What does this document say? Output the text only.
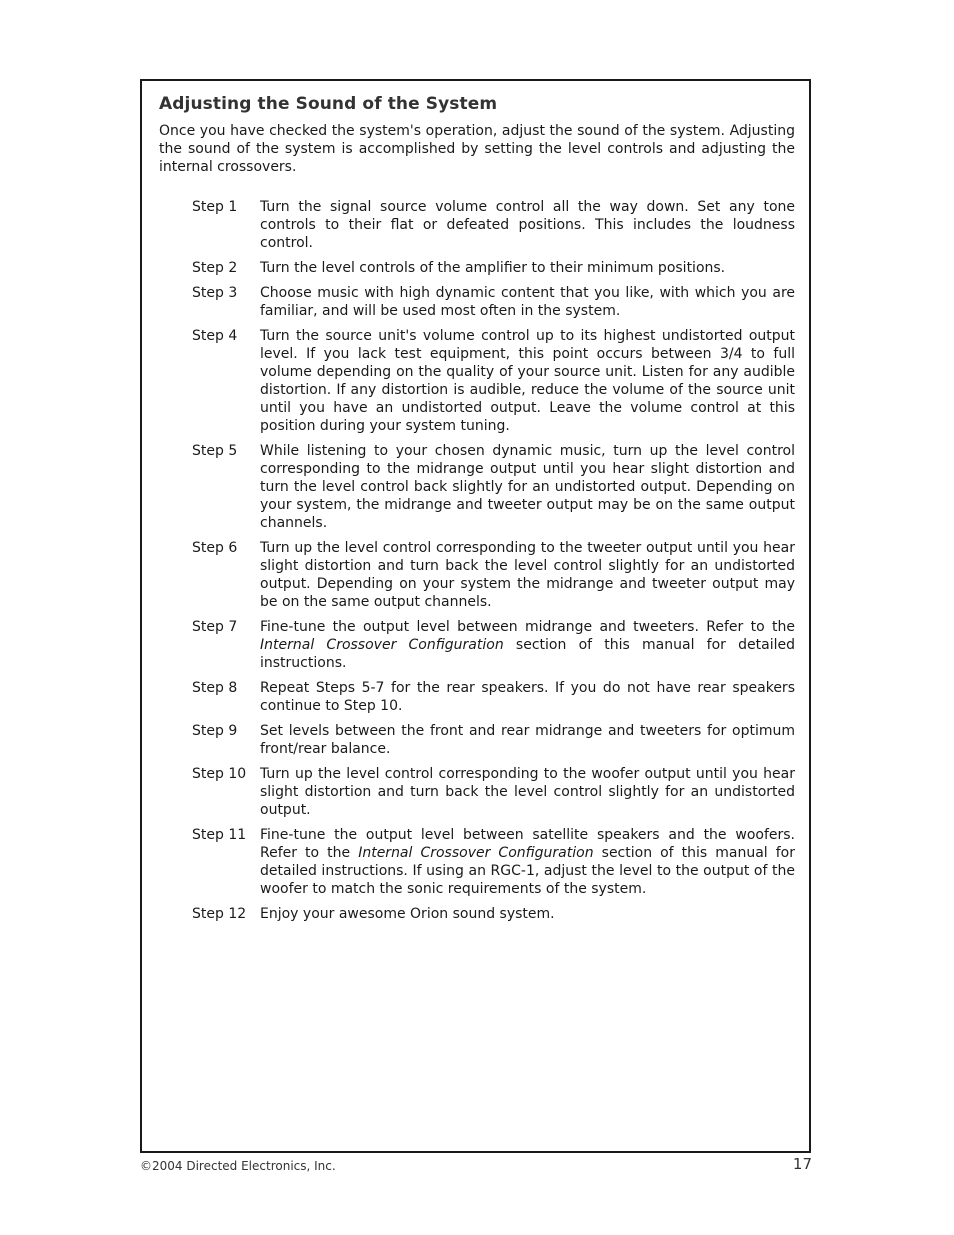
Adjusting the Sound of the System

Once you have checked the system's operation, adjust the sound of the system. Adjusting the sound of the system is accomplished by setting the level controls and adjusting the internal crossovers.

Step 1	Turn the signal source volume control all the way down. Set any tone controls to their flat or defeated positions. This includes the loudness control.
Step 2	Turn the level controls of the amplifier to their minimum positions.
Step 3	Choose music with high dynamic content that you like, with which you are familiar, and will be used most often in the system.
Step 4	Turn the source unit's volume control up to its highest undistorted output level. If you lack test equipment, this point occurs between 3/4 to full volume depending on the quality of your source unit. Listen for any audible distortion. If any distortion is audible, reduce the volume of the source unit until you have an undistorted output. Leave the volume control at this position during your system tuning.
Step 5	While listening to your chosen dynamic music, turn up the level control corresponding to the midrange output until you hear slight distortion and turn the level control back slightly for an undistorted output. Depending on your system, the midrange and tweeter output may be on the same output channels.
Step 6	Turn up the level control corresponding to the tweeter output until you hear slight distortion and turn back the level control slightly for an undistorted output. Depending on your system the midrange and tweeter output may be on the same output channels.
Step 7	Fine-tune the output level between midrange and tweeters. Refer to the Internal Crossover Configuration section of this manual for detailed instructions.
Step 8	Repeat Steps 5-7 for the rear speakers. If you do not have rear speakers continue to Step 10.
Step 9	Set levels between the front and rear midrange and tweeters for optimum front/rear balance.
Step 10 Turn up the level control corresponding to the woofer output until you hear slight distortion and turn back the level control slightly for an undistorted output.
Step 11 Fine-tune the output level between satellite speakers and the woofers. Refer to the Internal Crossover Configuration section of this manual for detailed instructions. If using an RGC-1, adjust the level to the output of the woofer to match the sonic requirements of the system.
Step 12 Enjoy your awesome Orion sound system.
©2004 Directed Electronics, Inc.	17
